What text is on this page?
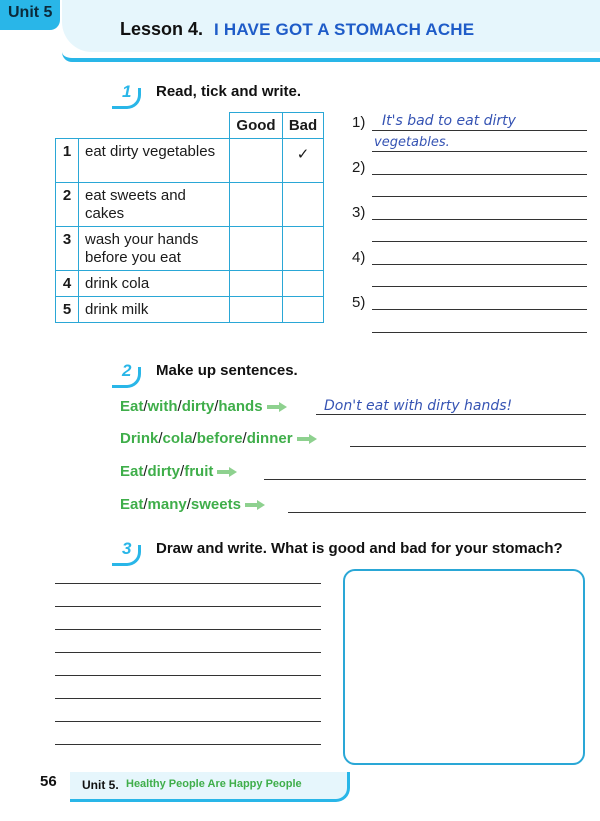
Unit 5
Lesson 4. I HAVE GOT A STOMACH ACHE
1 Read, tick and write.
		Good	Bad
1	eat dirty vegetables		✓
2	eat sweets and cakes		
3	wash your hands before you eat		
4	drink cola		
5	drink milk		
1) It's bad to eat dirty
vegetables.
2)
3)
4)
5)
2 Make up sentences.
Eat/with/dirty/hands	Don't eat with dirty hands!
Drink/cola/before/dinner
Eat/dirty/fruit
Eat/many/sweets
3 Draw and write. What is good and bad for your stomach?
56 Unit 5. Healthy People Are Happy People
